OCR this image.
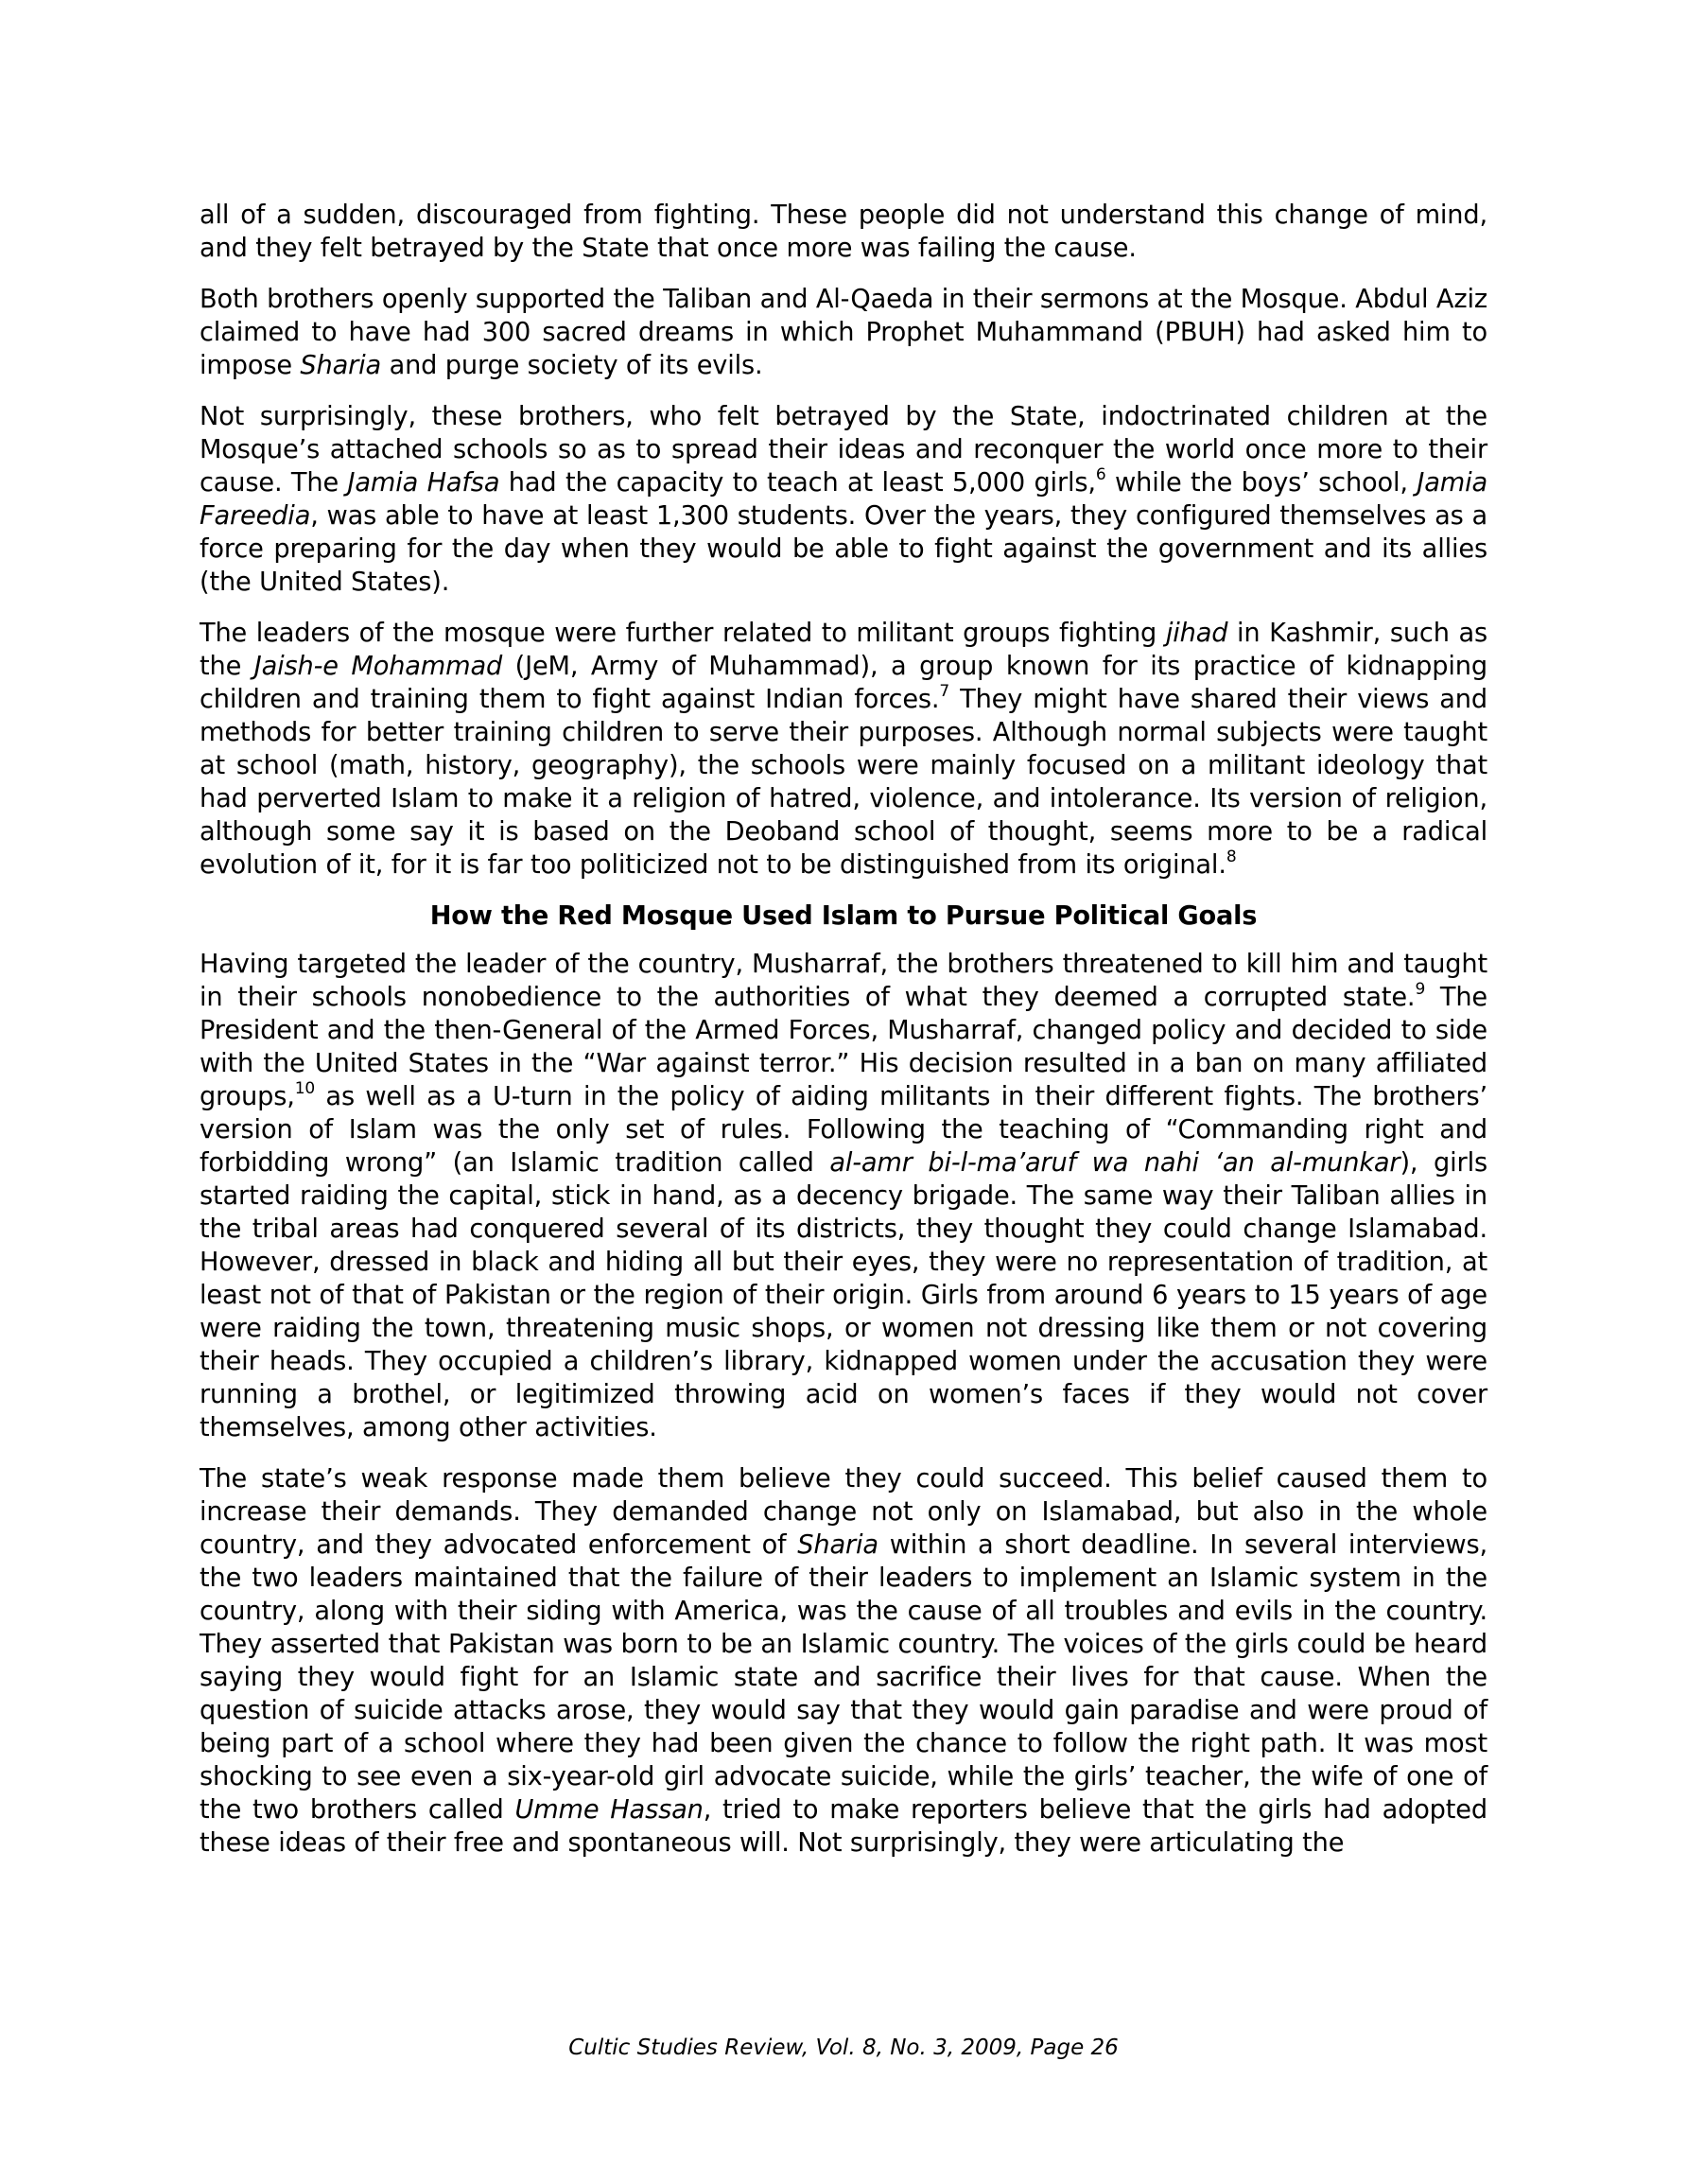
all of a sudden, discouraged from fighting. These people did not understand this change of mind, and they felt betrayed by the State that once more was failing the cause.

Both brothers openly supported the Taliban and Al-Qaeda in their sermons at the Mosque. Abdul Aziz claimed to have had 300 sacred dreams in which Prophet Muhammand (PBUH) had asked him to impose Sharia and purge society of its evils.

Not surprisingly, these brothers, who felt betrayed by the State, indoctrinated children at the Mosque’s attached schools so as to spread their ideas and reconquer the world once more to their cause. The Jamia Hafsa had the capacity to teach at least 5,000 girls,$^6$ while the boys’ school, Jamia Fareedia, was able to have at least 1,300 students. Over the years, they configured themselves as a force preparing for the day when they would be able to fight against the government and its allies (the United States).

The leaders of the mosque were further related to militant groups fighting jihad in Kashmir, such as the Jaish-e Mohammad (JeM, Army of Muhammad), a group known for its practice of kidnapping children and training them to fight against Indian forces.$^7$ They might have shared their views and methods for better training children to serve their purposes. Although normal subjects were taught at school (math, history, geography), the schools were mainly focused on a militant ideology that had perverted Islam to make it a religion of hatred, violence, and intolerance. Its version of religion, although some say it is based on the Deoband school of thought, seems more to be a radical evolution of it, for it is far too politicized not to be distinguished from its original.$^8$

How the Red Mosque Used Islam to Pursue Political Goals

Having targeted the leader of the country, Musharraf, the brothers threatened to kill him and taught in their schools nonobedience to the authorities of what they deemed a corrupted state.$^9$ The President and the then-General of the Armed Forces, Musharraf, changed policy and decided to side with the United States in the “War against terror.” His decision resulted in a ban on many affiliated groups,$^{10}$ as well as a U-turn in the policy of aiding militants in their different fights. The brothers’ version of Islam was the only set of rules. Following the teaching of “Commanding right and forbidding wrong” (an Islamic tradition called al-amr bi-l-ma’aruf wa nahi ‘an al-munkar), girls started raiding the capital, stick in hand, as a decency brigade. The same way their Taliban allies in the tribal areas had conquered several of its districts, they thought they could change Islamabad. However, dressed in black and hiding all but their eyes, they were no representation of tradition, at least not of that of Pakistan or the region of their origin. Girls from around 6 years to 15 years of age were raiding the town, threatening music shops, or women not dressing like them or not covering their heads. They occupied a children’s library, kidnapped women under the accusation they were running a brothel, or legitimized throwing acid on women’s faces if they would not cover themselves, among other activities.

The state’s weak response made them believe they could succeed. This belief caused them to increase their demands. They demanded change not only on Islamabad, but also in the whole country, and they advocated enforcement of Sharia within a short deadline. In several interviews, the two leaders maintained that the failure of their leaders to implement an Islamic system in the country, along with their siding with America, was the cause of all troubles and evils in the country. They asserted that Pakistan was born to be an Islamic country. The voices of the girls could be heard saying they would fight for an Islamic state and sacrifice their lives for that cause. When the question of suicide attacks arose, they would say that they would gain paradise and were proud of being part of a school where they had been given the chance to follow the right path. It was most shocking to see even a six-year-old girl advocate suicide, while the girls’ teacher, the wife of one of the two brothers called Umme Hassan, tried to make reporters believe that the girls had adopted these ideas of their free and spontaneous will. Not surprisingly, they were articulating the

Cultic Studies Review, Vol. 8, No. 3, 2009, Page 26
